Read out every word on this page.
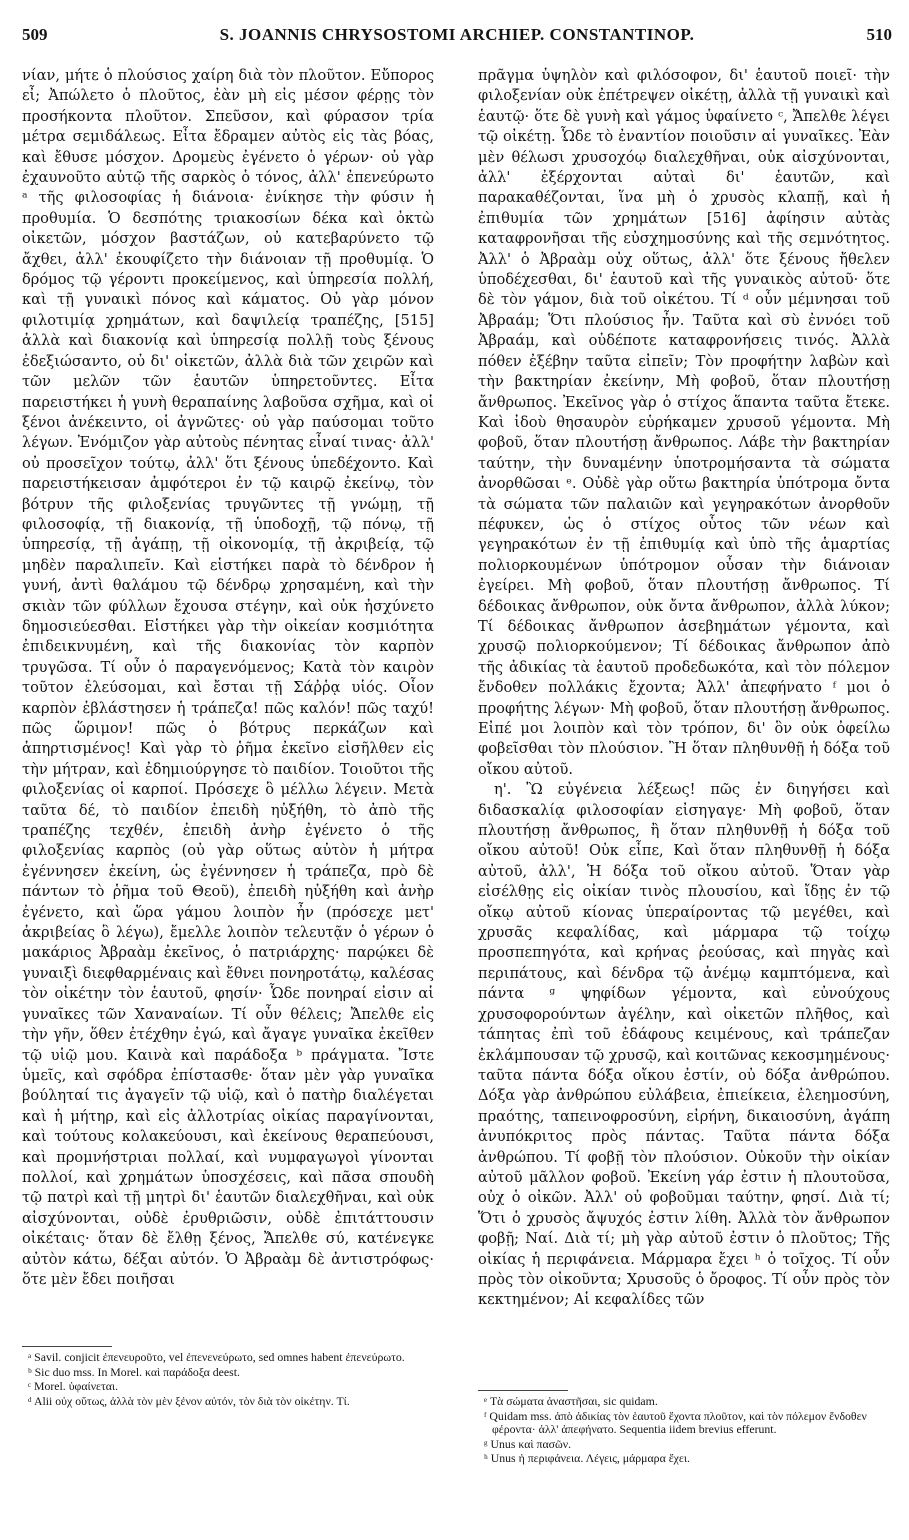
509	S. JOANNIS CHRYSOSTOMI ARCHIEP. CONSTANTINOP.	510

νίαν, μήτε ὁ πλούσιος χαίρη διὰ τὸν πλοῦτον. Εὔπορος εἶ; Ἀπώλετο ὁ πλοῦτος, ἐὰν μὴ εἰς μέσον φέρῃς τὸν προσήκοντα πλοῦτον. Σπεῦσον, καὶ φύρασον τρία μέτρα σεμιδάλεως. Εἶτα ἔδραμεν αὐτὸς εἰς τὰς βόας, καὶ ἔθυσε μόσχον. Δρομεὺς ἐγένετο ὁ γέρων· οὐ γὰρ ἐχαυνοῦτο αὐτῷ τῆς σαρκὸς ὁ τόνος, ἀλλ' ἐπενεύρωτο ᵃ τῆς φιλοσοφίας ἡ διάνοια· ἐνίκησε τὴν φύσιν ἡ προθυμία. Ὁ δεσπότης τριακοσίων δέκα καὶ ὀκτὼ οἰκετῶν, μόσχον βαστάζων, οὐ κατεβαρύνετο τῷ ἄχθει, ἀλλ' ἐκουφίζετο τὴν διάνοιαν τῇ προθυμίᾳ. Ὁ δρόμος τῷ γέροντι προκείμενος, καὶ ὑπηρεσία πολλή, καὶ τῇ γυναικὶ πόνος καὶ κάματος. Οὐ γὰρ μόνον φιλοτιμίᾳ χρημάτων, καὶ δαψιλείᾳ τραπέζης, [515] ἀλλὰ καὶ διακονίᾳ καὶ ὑπηρεσίᾳ πολλῇ τοὺς ξένους ἐδεξιώσαντο, οὐ δι' οἰκετῶν, ἀλλὰ διὰ τῶν χειρῶν καὶ τῶν μελῶν τῶν ἑαυτῶν ὑπηρετοῦντες. Εἶτα παρειστήκει ἡ γυνὴ θεραπαίνης λαβοῦσα σχῆμα, καὶ οἱ ξένοι ἀνέκειντο, οἱ ἀγνῶτες· οὐ γὰρ παύσομαι τοῦτο λέγων. Ἐνόμιζον γὰρ αὐτοὺς πένητας εἶναί τινας· ἀλλ' οὐ προσεῖχον τούτῳ, ἀλλ' ὅτι ξένους ὑπεδέχοντο. Καὶ παρειστήκεισαν ἀμφότεροι ἐν τῷ καιρῷ ἐκείνῳ, τὸν βότρυν τῆς φιλοξενίας τρυγῶντες τῇ γνώμῃ, τῇ φιλοσοφίᾳ, τῇ διακονίᾳ, τῇ ὑποδοχῇ, τῷ πόνῳ, τῇ ὑπηρεσίᾳ, τῇ ἀγάπῃ, τῇ οἰκονομίᾳ, τῇ ἀκριβείᾳ, τῷ μηδὲν παραλιπεῖν. Καὶ εἱστήκει παρὰ τὸ δένδρον ἡ γυνή, ἀντὶ θαλάμου τῷ δένδρῳ χρησαμένη, καὶ τὴν σκιὰν τῶν φύλλων ἔχουσα στέγην, καὶ οὐκ ἠσχύνετο δημοσιεύεσθαι. Εἱστήκει γὰρ τὴν οἰκείαν κοσμιότητα ἐπιδεικνυμένη, καὶ τῆς διακονίας τὸν καρπὸν τρυγῶσα. Τί οὖν ὁ παραγενόμενος; Κατὰ τὸν καιρὸν τοῦτον ἐλεύσομαι, καὶ ἔσται τῇ Σάῤῥᾳ υἱός. Οἷον καρπὸν ἐβλάστησεν ἡ τράπεζα! πῶς καλόν! πῶς ταχύ! πῶς ὥριμον! πῶς ὁ βότρυς περκάζων καὶ ἀπηρτισμένος! Καὶ γὰρ τὸ ῥῆμα ἐκεῖνο εἰσῆλθεν εἰς τὴν μήτραν, καὶ ἐδημιούργησε τὸ παιδίον. Τοιοῦτοι τῆς φιλοξενίας οἱ καρποί. Πρόσεχε ὃ μέλλω λέγειν. Μετὰ ταῦτα δέ, τὸ παιδίον ἐπειδὴ ηὐξήθη, τὸ ἀπὸ τῆς τραπέζης τεχθέν, ἐπειδὴ ἀνὴρ ἐγένετο ὁ τῆς φιλοξενίας καρπὸς (οὐ γὰρ οὕτως αὐτὸν ἡ μήτρα ἐγέννησεν ἐκείνη, ὡς ἐγέννησεν ἡ τράπεζα, πρὸ δὲ πάντων τὸ ῥῆμα τοῦ Θεοῦ), ἐπειδὴ ηὐξήθη καὶ ἀνὴρ ἐγένετο, καὶ ὥρα γάμου λοιπὸν ἦν (πρόσεχε μετ' ἀκριβείας ὃ λέγω), ἔμελλε λοιπὸν τελευτᾷν ὁ γέρων ὁ μακάριος Ἀβραὰμ ἐκεῖνος, ὁ πατριάρχης· παρῴκει δὲ γυναιξὶ διεφθαρμέναις καὶ ἔθνει πονηροτάτῳ, καλέσας τὸν οἰκέτην τὸν ἑαυτοῦ, φησίν· Ὧδε πονηραί εἰσιν αἱ γυναῖκες τῶν Χαναναίων. Τί οὖν θέλεις; Ἄπελθε εἰς τὴν γῆν, ὅθεν ἐτέχθην ἐγώ, καὶ ἄγαγε γυναῖκα ἐκεῖθεν τῷ υἱῷ μου. Καινὰ καὶ παράδοξα ᵇ πράγματα. Ἴστε ὑμεῖς, καὶ σφόδρα ἐπίστασθε· ὅταν μὲν γὰρ γυναῖκα βούληταί τις ἀγαγεῖν τῷ υἱῷ, καὶ ὁ πατὴρ διαλέγεται καὶ ἡ μήτηρ, καὶ εἰς ἀλλοτρίας οἰκίας παραγίνονται, καὶ τούτους κολακεύουσι, καὶ ἐκείνους θεραπεύουσι, καὶ προμνήστριαι πολλαί, καὶ νυμφαγωγοὶ γίνονται πολλοί, καὶ χρημάτων ὑποσχέσεις, καὶ πᾶσα σπουδὴ τῷ πατρὶ καὶ τῇ μητρὶ δι' ἑαυτῶν διαλεχθῆναι, καὶ οὐκ αἰσχύνονται, οὐδὲ ἐρυθριῶσιν, οὐδὲ ἐπιτάττουσιν οἰκέταις· ὅταν δὲ ἔλθῃ ξένος, Ἄπελθε σύ, κατένεγκε αὐτὸν κάτω, δέξαι αὐτόν. Ὁ Ἀβραὰμ δὲ ἀντιστρόφως· ὅτε μὲν ἔδει ποιῆσαι

πρᾶγμα ὑψηλὸν καὶ φιλόσοφον, δι' ἑαυτοῦ ποιεῖ· τὴν φιλοξενίαν οὐκ ἐπέτρεψεν οἰκέτῃ, ἀλλὰ τῇ γυναικὶ καὶ ἑαυτῷ· ὅτε δὲ γυνὴ καὶ γάμος ὑφαίνετο ᶜ, Ἄπελθε λέγει τῷ οἰκέτῃ. Ὧδε τὸ ἐναντίον ποιοῦσιν αἱ γυναῖκες. Ἐὰν μὲν θέλωσι χρυσοχόῳ διαλεχθῆναι, οὐκ αἰσχύνονται, ἀλλ' ἐξέρχονται αὐταὶ δι' ἑαυτῶν, καὶ παρακαθέζονται, ἵνα μὴ ὁ χρυσὸς κλαπῇ, καὶ ἡ ἐπιθυμία τῶν χρημάτων [516] ἀφίησιν αὐτὰς καταφρονῆσαι τῆς εὐσχημοσύνης καὶ τῆς σεμνότητος. Ἀλλ' ὁ Ἀβραὰμ οὐχ οὕτως, ἀλλ' ὅτε ξένους ἤθελεν ὑποδέχεσθαι, δι' ἑαυτοῦ καὶ τῆς γυναικὸς αὐτοῦ· ὅτε δὲ τὸν γάμον, διὰ τοῦ οἰκέτου. Τί ᵈ οὖν μέμνησαι τοῦ Ἀβραάμ; Ὅτι πλούσιος ἦν. Ταῦτα καὶ σὺ ἐννόει τοῦ Ἀβραάμ, καὶ οὐδέποτε καταφρονήσεις τινός. Ἀλλὰ πόθεν ἐξέβην ταῦτα εἰπεῖν; Τὸν προφήτην λαβὼν καὶ τὴν βακτηρίαν ἐκείνην, Μὴ φοβοῦ, ὅταν πλουτήσῃ ἄνθρωπος. Ἐκεῖνος γὰρ ὁ στίχος ἅπαντα ταῦτα ἔτεκε. Καὶ ἰδοὺ θησαυρὸν εὑρήκαμεν χρυσοῦ γέμοντα. Μὴ φοβοῦ, ὅταν πλουτήσῃ ἄνθρωπος. Λάβε τὴν βακτηρίαν ταύτην, τὴν δυναμένην ὑποτρομήσαντα τὰ σώματα ἀνορθῶσαι ᵉ. Οὐδὲ γὰρ οὕτω βακτηρία ὑπότρομα ὄντα τὰ σώματα τῶν παλαιῶν καὶ γεγηρακότων ἀνορθοῦν πέφυκεν, ὡς ὁ στίχος οὗτος τῶν νέων καὶ γεγηρακότων ἐν τῇ ἐπιθυμίᾳ καὶ ὑπὸ τῆς ἁμαρτίας πολιορκουμένων ὑπότρομον οὖσαν τὴν διάνοιαν ἐγείρει. Μὴ φοβοῦ, ὅταν πλουτήσῃ ἄνθρωπος. Τί δέδοικας ἄνθρωπον, οὐκ ὄντα ἄνθρωπον, ἀλλὰ λύκον; Τί δέδοικας ἄνθρωπον ἀσεβημάτων γέμοντα, καὶ χρυσῷ πολιορκούμενον; Τί δέδοικας ἄνθρωπον ἀπὸ τῆς ἀδικίας τὰ ἑαυτοῦ προδεδωκότα, καὶ τὸν πόλεμον ἔνδοθεν πολλάκις ἔχοντα; Ἀλλ' ἀπεφήνατο ᶠ μοι ὁ προφήτης λέγων· Μὴ φοβοῦ, ὅταν πλουτήσῃ ἄνθρωπος. Εἰπέ μοι λοιπὸν καὶ τὸν τρόπον, δι' ὃν οὐκ ὀφείλω φοβεῖσθαι τὸν πλούσιον. Ἢ ὅταν πληθυνθῇ ἡ δόξα τοῦ οἴκου αὐτοῦ.

η'. Ὢ εὐγένεια λέξεως! πῶς ἐν διηγήσει καὶ διδασκαλίᾳ φιλοσοφίαν εἰσηγαγε· Μὴ φοβοῦ, ὅταν πλουτήσῃ ἄνθρωπος, ἢ ὅταν πληθυνθῇ ἡ δόξα τοῦ οἴκου αὐτοῦ! Οὐκ εἶπε, Καὶ ὅταν πληθυνθῇ ἡ δόξα αὐτοῦ, ἀλλ', Ἡ δόξα τοῦ οἴκου αὐτοῦ. Ὅταν γὰρ εἰσέλθῃς εἰς οἰκίαν τινὸς πλουσίου, καὶ ἴδῃς ἐν τῷ οἴκῳ αὐτοῦ κίονας ὑπεραίροντας τῷ μεγέθει, καὶ χρυσᾶς κεφαλίδας, καὶ μάρμαρα τῷ τοίχῳ προσπεπηγότα, καὶ κρήνας ῥεούσας, καὶ πηγὰς καὶ περιπάτους, καὶ δένδρα τῷ ἀνέμῳ καμπτόμενα, καὶ πάντα ᵍ ψηφίδων γέμοντα, καὶ εὐνούχους χρυσοφορούντων ἀγέλην, καὶ οἰκετῶν πλῆθος, καὶ τάπητας ἐπὶ τοῦ ἐδάφους κειμένους, καὶ τράπεζαν ἐκλάμπουσαν τῷ χρυσῷ, καὶ κοιτῶνας κεκοσμημένους· ταῦτα πάντα δόξα οἴκου ἐστίν, οὐ δόξα ἀνθρώπου. Δόξα γὰρ ἀνθρώπου εὐλάβεια, ἐπιείκεια, ἐλεημοσύνη, πραότης, ταπεινοφροσύνη, εἰρήνη, δικαιοσύνη, ἀγάπη ἀνυπόκριτος πρὸς πάντας. Ταῦτα πάντα δόξα ἀνθρώπου. Τί φοβῇ τὸν πλούσιον. Οὐκοῦν τὴν οἰκίαν αὐτοῦ μᾶλλον φοβοῦ. Ἐκείνη γάρ ἐστιν ἡ πλουτοῦσα, οὐχ ὁ οἰκῶν. Ἀλλ' οὐ φοβοῦμαι ταύτην, φησί. Διὰ τί; Ὅτι ὁ χρυσὸς ἄψυχός ἐστιν λίθη. Ἀλλὰ τὸν ἄνθρωπον φοβῇ; Ναί. Διὰ τί; μὴ γὰρ αὐτοῦ ἐστιν ὁ πλοῦτος; Τῆς οἰκίας ἡ περιφάνεια. Μάρμαρα ἔχει ʰ ὁ τοῖχος. Τί οὖν πρὸς τὸν οἰκοῦντα; Χρυσοῦς ὁ ὄροφος. Τί οὖν πρὸς τὸν κεκτημένον; Αἱ κεφαλίδες τῶν

ᵃ Savil. conjicit ἐπενευροῦτο, vel ἐπενενεύρωτο, sed omnes habent ἐπενεύρωτο.

ᵇ Sic duo mss. In Morel. καὶ παράδοξα deest.

ᶜ Morel. ὑφαίνεται.

ᵈ Alii οὐχ οὕτως, ἀλλὰ τὸν μὲν ξένον αὐτόν, τὸν διὰ τὸν οἰκέτην. Τί.	ᵉ Τὰ σώματα ἀναστῆσαι, sic quidam.

ᶠ Quidam mss. ἀπὸ ἀδικίας τὸν ἑαυτοῦ ἔχοντα πλοῦτον, καὶ τὸν πόλεμον ἔνδοθεν φέροντα· ἀλλ' ἀπεφήνατο. Sequentia iidem brevius efferunt.

ᵍ Unus καὶ πασῶν.

ʰ Unus ἡ περιφάνεια. Λέγεις, μάρμαρα ἔχει.
